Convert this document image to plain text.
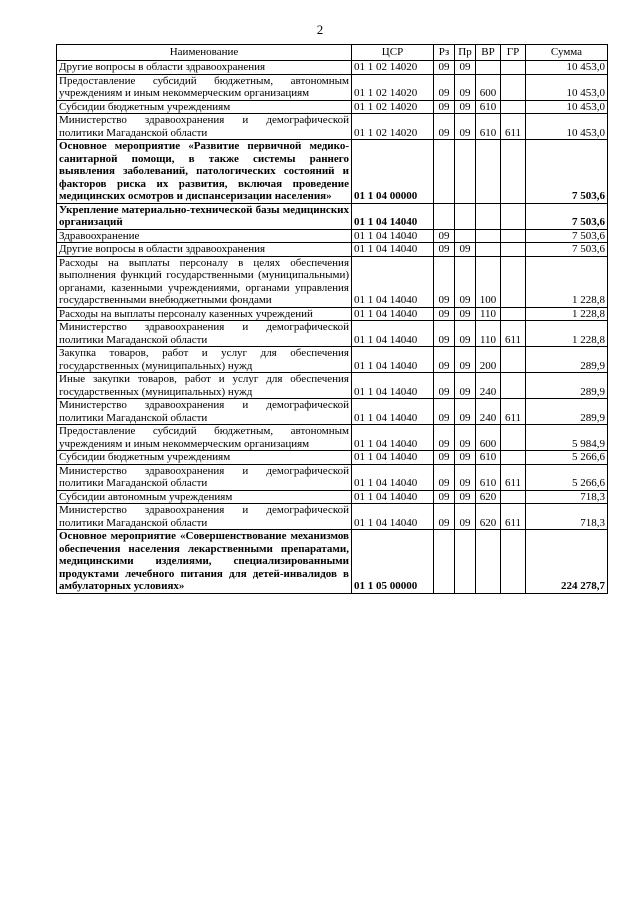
2
Наименование	ЦСР	Рз	Пр	ВР	ГР	Сумма
Другие вопросы в области здравоохранения	01 1 02 14020	09	09			10 453,0
Предоставление субсидий бюджетным, автономным учреждениям и иным некоммерческим организациям	01 1 02 14020	09	09	600		10 453,0
Субсидии бюджетным учреждениям	01 1 02 14020	09	09	610		10 453,0
Министерство здравоохранения и демографической политики Магаданской области	01 1 02 14020	09	09	610	611	10 453,0
Основное мероприятие «Развитие первичной медико-санитарной помощи, в также системы раннего выявления заболеваний, патологических состояний и факторов риска их развития, включая проведение медицинских осмотров и диспансеризации населения»	01 1 04 00000					7 503,6
Укрепление материально-технической базы медицинских организаций	01 1 04 14040					7 503,6
Здравоохранение	01 1 04 14040	09				7 503,6
Другие вопросы в области здравоохранения	01 1 04 14040	09	09			7 503,6
Расходы на выплаты персоналу в целях обеспечения выполнения функций государственными (муниципальными) органами, казенными учреждениями, органами управления государственными внебюджетными фондами	01 1 04 14040	09	09	100		1 228,8
Расходы на выплаты персоналу казенных учреждений	01 1 04 14040	09	09	110		1 228,8
Министерство здравоохранения и демографической политики Магаданской области	01 1 04 14040	09	09	110	611	1 228,8
Закупка товаров, работ и услуг для обеспечения государственных (муниципальных) нужд	01 1 04 14040	09	09	200		289,9
Иные закупки товаров, работ и услуг для обеспечения государственных (муниципальных) нужд	01 1 04 14040	09	09	240		289,9
Министерство здравоохранения и демографической политики Магаданской области	01 1 04 14040	09	09	240	611	289,9
Предоставление субсидий бюджетным, автономным учреждениям и иным некоммерческим организациям	01 1 04 14040	09	09	600		5 984,9
Субсидии бюджетным учреждениям	01 1 04 14040	09	09	610		5 266,6
Министерство здравоохранения и демографической политики Магаданской области	01 1 04 14040	09	09	610	611	5 266,6
Субсидии автономным учреждениям	01 1 04 14040	09	09	620		718,3
Министерство здравоохранения и демографической политики Магаданской области	01 1 04 14040	09	09	620	611	718,3
Основное мероприятие «Совершенствование механизмов обеспечения населения лекарственными препаратами, медицинскими изделиями, специализированными продуктами лечебного питания для детей-инвалидов в амбулаторных условиях»	01 1 05 00000					224 278,7
